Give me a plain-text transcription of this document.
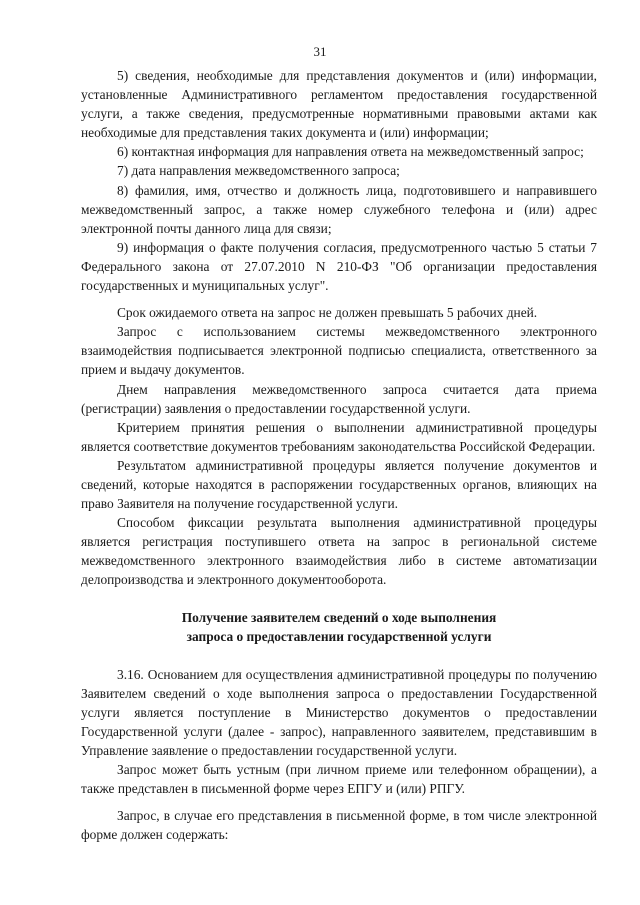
31

5) сведения, необходимые для представления документов и (или) информации, установленные Административного регламентом предоставления государственной услуги, а также сведения, предусмотренные нормативными правовыми актами как необходимые для представления таких документа и (или) информации;

6) контактная информация для направления ответа на межведомственный запрос;

7) дата направления межведомственного запроса;

8) фамилия, имя, отчество и должность лица, подготовившего и направившего межведомственный запрос, а также номер служебного телефона и (или) адрес электронной почты данного лица для связи;

9) информация о факте получения согласия, предусмотренного частью 5 статьи 7 Федерального закона от 27.07.2010 N 210-ФЗ "Об организации предоставления государственных и муниципальных услуг".

Срок ожидаемого ответа на запрос не должен превышать 5 рабочих дней.

Запрос с использованием системы межведомственного электронного взаимодействия подписывается электронной подписью специалиста, ответственного за прием и выдачу документов.

Днем направления межведомственного запроса считается дата приема (регистрации) заявления о предоставлении государственной услуги.

Критерием принятия решения о выполнении административной процедуры является соответствие документов требованиям законодательства Российской Федерации.

Результатом административной процедуры является получение документов и сведений, которые находятся в распоряжении государственных органов, влияющих на право Заявителя на получение государственной услуги.

Способом фиксации результата выполнения административной процедуры является регистрация поступившего ответа на запрос в региональной системе межведомственного электронного взаимодействия либо в системе автоматизации делопроизводства и электронного документооборота.

Получение заявителем сведений о ходе выполнения
запроса о предоставлении государственной услуги

3.16. Основанием для осуществления административной процедуры по получению Заявителем сведений о ходе выполнения запроса о предоставлении Государственной услуги является поступление в Министерство документов о предоставлении Государственной услуги (далее - запрос), направленного заявителем, представившим в Управление заявление о предоставлении государственной услуги.

Запрос может быть устным (при личном приеме или телефонном обращении), а также представлен в письменной форме через ЕПГУ и (или) РПГУ.

Запрос, в случае его представления в письменной форме, в том числе электронной форме должен содержать:
